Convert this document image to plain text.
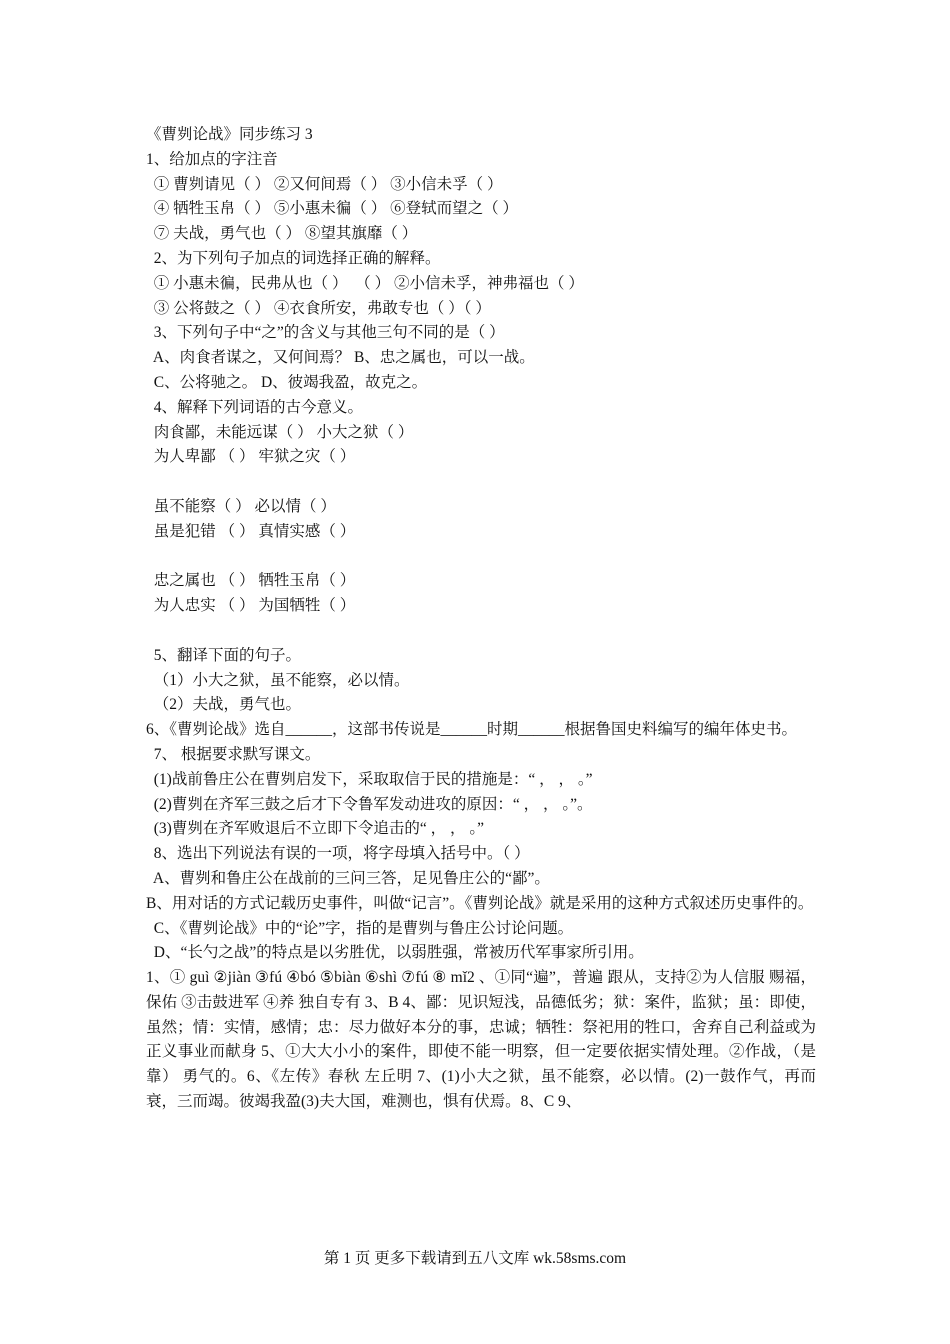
《曹刿论战》同步练习 3
1、给加点的字注音
① 曹刿请见（ ） ②又何间焉（ ） ③小信未孚（ ）
④ 牺牲玉帛（ ） ⑤小惠未徧（ ） ⑥登轼而望之（ ）
⑦ 夫战，勇气也（ ） ⑧望其旗靡（ ）
2、为下列句子加点的词选择正确的解释。
① 小惠未徧，民弗从也（ ）  （ ） ②小信未孚，神弗福也（ ）
③ 公将鼓之（ ） ④衣食所安，弗敢专也（ ）（ ）
3、下列句子中“之”的含义与其他三句不同的是（ ）
A、肉食者谋之，又何间焉？ B、忠之属也，可以一战。
C、公将驰之。 D、彼竭我盈，故克之。
4、解释下列词语的古今意义。
肉食鄙，未能远谋（ ） 小大之狱（ ）
为人卑鄙 （ ） 牢狱之灾（ ）
虽不能察（ ） 必以情（ ）
虽是犯错 （ ） 真情实感（ ）
忠之属也 （ ） 牺牲玉帛（ ）
为人忠实 （ ） 为国牺牲（ ）
5、翻译下面的句子。
（1）小大之狱，虽不能察，必以情。
（2）夫战，勇气也。
6、《曹刿论战》选自______，这部书传说是______时期______根据鲁国史料编写的编年体史书。
7、 根据要求默写课文。
(1)战前鲁庄公在曹刿启发下，采取取信于民的措施是：“ ， ， 。”
(2)曹刿在齐军三鼓之后才下令鲁军发动进攻的原因：“ ， ， 。”。
(3)曹刿在齐军败退后不立即下令追击的“ ， ， 。”
8、选出下列说法有误的一项，将字母填入括号中。（ ）
A、曹刿和鲁庄公在战前的三问三答，足见鲁庄公的“鄙”。
B、用对话的方式记载历史事件，叫做“记言”。《曹刿论战》就是采用的这种方式叙述历史事件的。
C、《曹刿论战》中的“论”字，指的是曹刿与鲁庄公讨论问题。
D、“长勺之战”的特点是以劣胜优，以弱胜强，常被历代军事家所引用。
1、① guì ②jiàn ③fú ④bó ⑤biàn ⑥shì ⑦fú ⑧ mǐ2 、①同“遍”，普遍 跟从，支持②为人信服 赐福，保佑 ③击鼓进军 ④养 独自专有 3、B 4、鄙：见识短浅，品德低劣；狱：案件，监狱；虽：即使，虽然；情：实情，感情；忠：尽力做好本分的事，忠诚；牺牲：祭祀用的牲口，舍弃自己利益或为正义事业而献身 5、①大大小小的案件，即使不能一明察，但一定要依据实情处理。②作战，（是靠） 勇气的。6、《左传》春秋 左丘明 7、(1)小大之狱，虽不能察，必以情。(2)一鼓作气，再而衰，三而竭。彼竭我盈(3)夫大国，难测也，惧有伏焉。8、C 9、
第 1 页 更多下载请到五八文库 wk.58sms.com
